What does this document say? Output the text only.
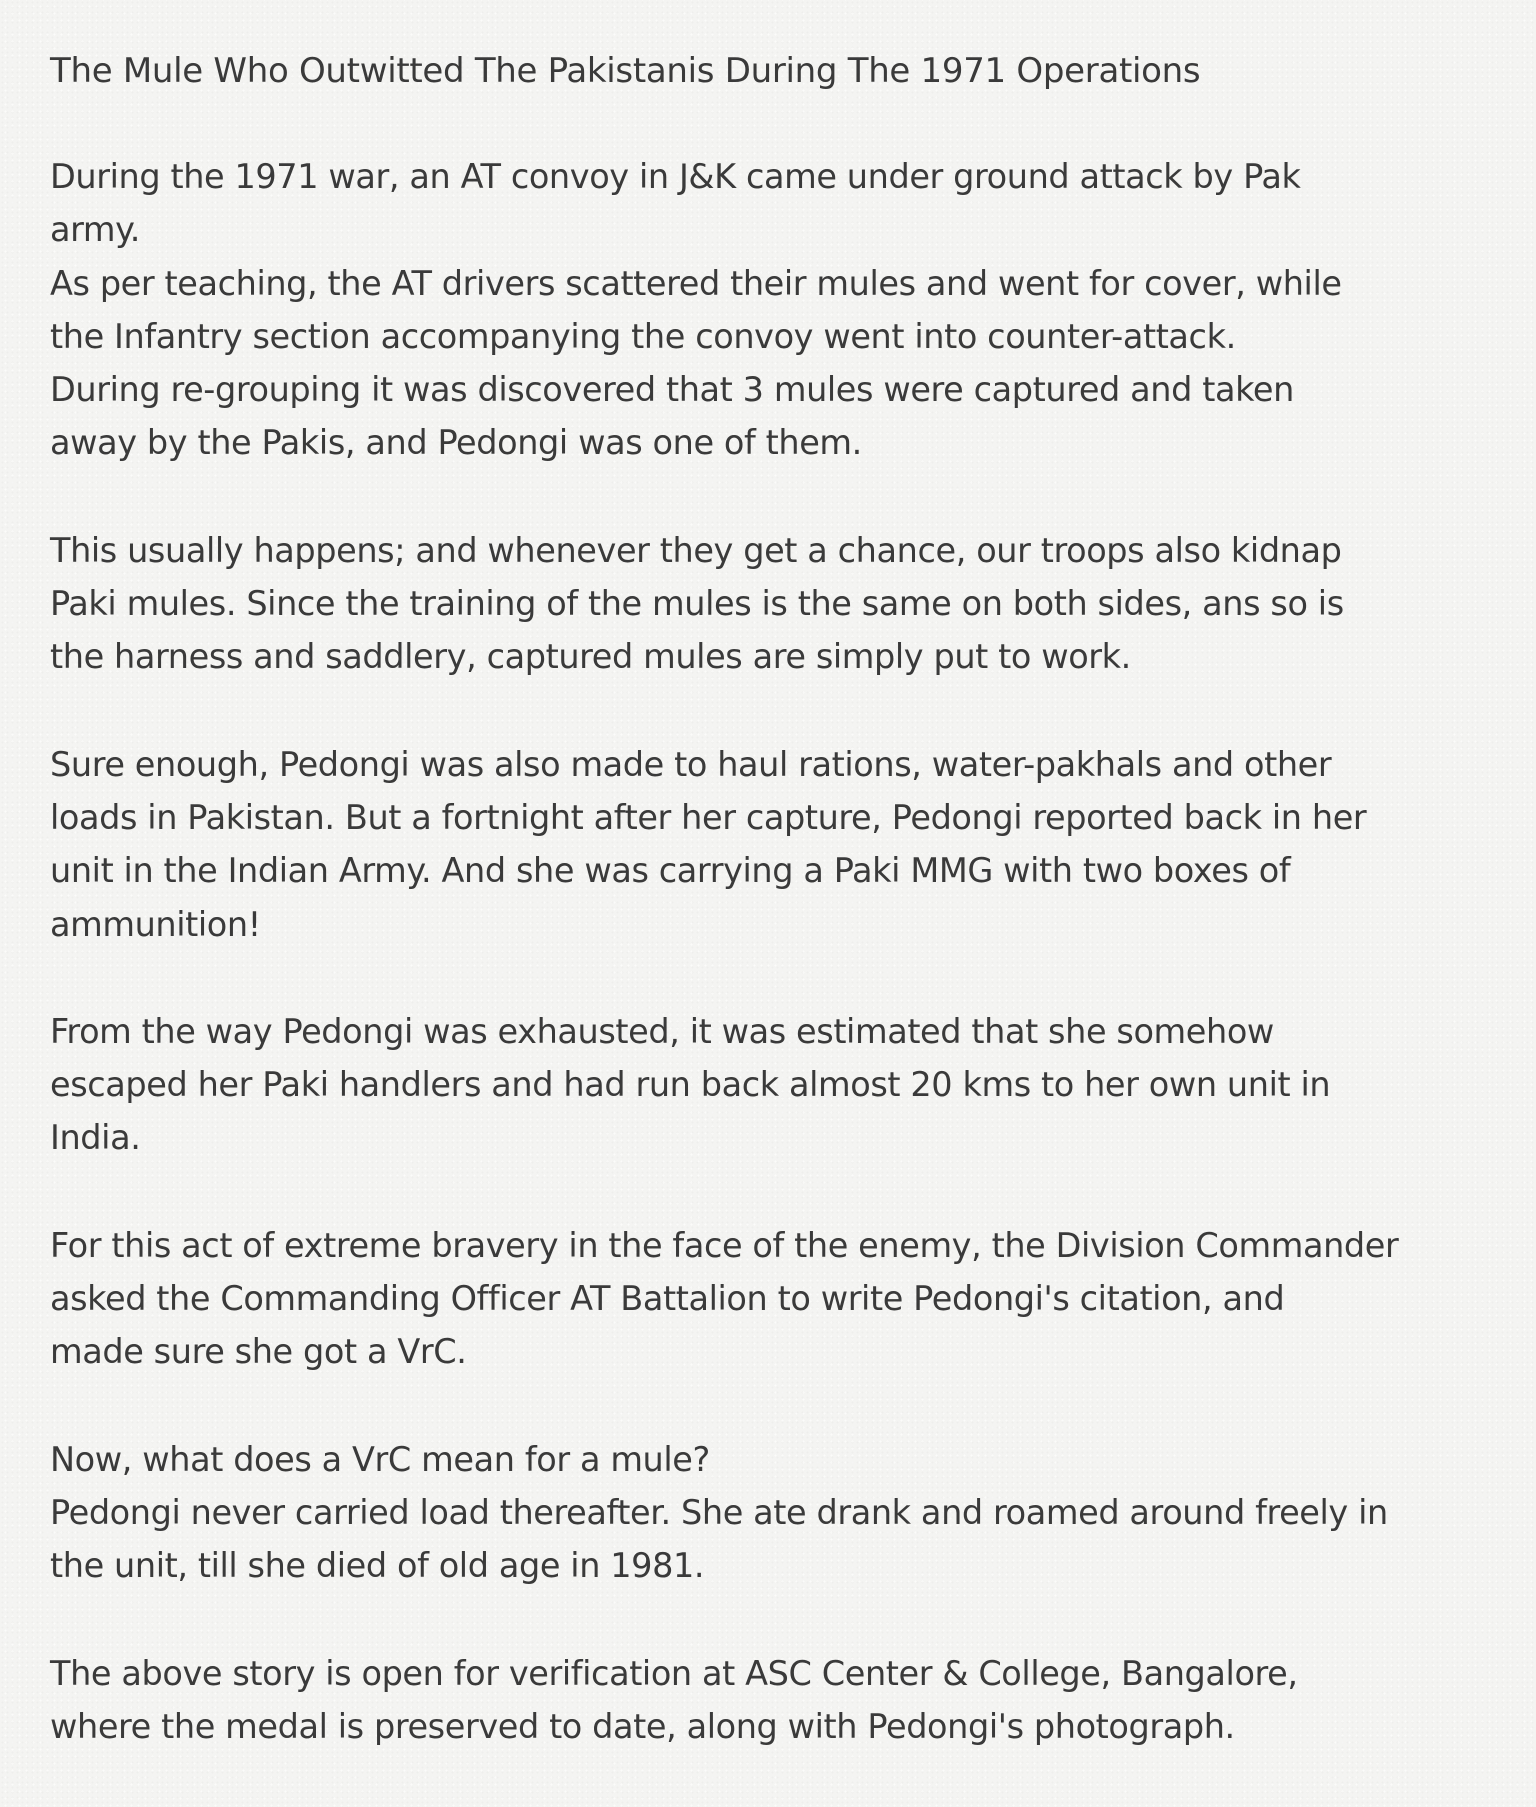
The Mule Who Outwitted The Pakistanis During The 1971 Operations
During the 1971 war, an AT convoy in J&K came under ground attack by Pak
army.
As per teaching, the AT drivers scattered their mules and went for cover, while
the Infantry section accompanying the convoy went into counter-attack.
During re-grouping it was discovered that 3 mules were captured and taken
away by the Pakis, and Pedongi was one of them.
This usually happens; and whenever they get a chance, our troops also kidnap
Paki mules. Since the training of the mules is the same on both sides, ans so is
the harness and saddlery, captured mules are simply put to work.
Sure enough, Pedongi was also made to haul rations, water-pakhals and other
loads in Pakistan. But a fortnight after her capture, Pedongi reported back in her
unit in the Indian Army. And she was carrying a Paki MMG with two boxes of
ammunition!
From the way Pedongi was exhausted, it was estimated that she somehow
escaped her Paki handlers and had run back almost 20 kms to her own unit in
India.
For this act of extreme bravery in the face of the enemy, the Division Commander
asked the Commanding Officer AT Battalion to write Pedongi's citation, and
made sure she got a VrC.
Now, what does a VrC mean for a mule?
Pedongi never carried load thereafter. She ate drank and roamed around freely in
the unit, till she died of old age in 1981.
The above story is open for verification at ASC Center & College, Bangalore,
where the medal is preserved to date, along with Pedongi's photograph.
